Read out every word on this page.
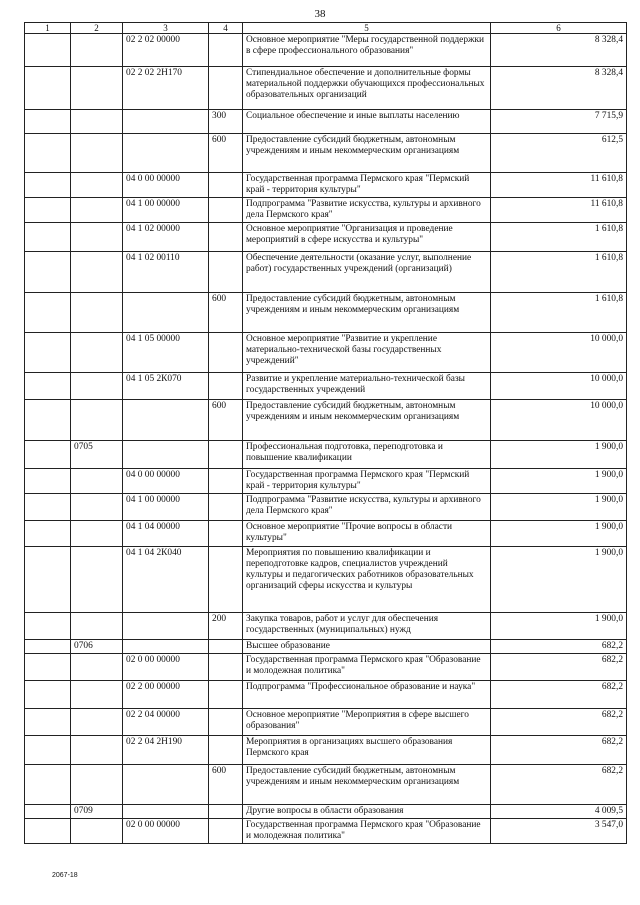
38
1	2	3	4	5	6
		02 2 02 00000		Основное мероприятие "Меры государственной поддержки в сфере профессионального образования"	8 328,4
		02 2 02 2Н170		Стипендиальное обеспечение и дополнительные формы материальной поддержки обучающихся профессиональных образовательных организаций	8 328,4
			300	Социальное обеспечение и иные выплаты населению	7 715,9
			600	Предоставление субсидий бюджетным, автономным учреждениям и иным некоммерческим организациям	612,5
		04 0 00 00000		Государственная программа Пермского края "Пермский край - территория культуры"	11 610,8
		04 1 00 00000		Подпрограмма "Развитие искусства, культуры и архивного дела Пермского края"	11 610,8
		04 1 02 00000		Основное мероприятие "Организация и проведение мероприятий в сфере искусства и культуры"	1 610,8
		04 1 02 00110		Обеспечение деятельности (оказание услуг, выполнение работ) государственных учреждений (организаций)	1 610,8
			600	Предоставление субсидий бюджетным, автономным учреждениям и иным некоммерческим организациям	1 610,8
		04 1 05 00000		Основное мероприятие "Развитие и укрепление материально-технической базы государственных учреждений"	10 000,0
		04 1 05 2К070		Развитие и укрепление материально-технической базы государственных учреждений	10 000,0
			600	Предоставление субсидий бюджетным, автономным учреждениям и иным некоммерческим организациям	10 000,0
	0705			Профессиональная подготовка, переподготовка и повышение квалификации	1 900,0
		04 0 00 00000		Государственная программа Пермского края "Пермский край - территория культуры"	1 900,0
		04 1 00 00000		Подпрограмма "Развитие искусства, культуры и архивного дела Пермского края"	1 900,0
		04 1 04 00000		Основное мероприятие "Прочие вопросы в области культуры"	1 900,0
		04 1 04 2К040		Мероприятия по повышению квалификации и переподготовке кадров, специалистов учреждений культуры и педагогических работников образовательных организаций сферы искусства и культуры	1 900,0
			200	Закупка товаров, работ и услуг для обеспечения государственных (муниципальных) нужд	1 900,0
	0706			Высшее образование	682,2
		02 0 00 00000		Государственная программа Пермского края "Образование и молодежная политика"	682,2
		02 2 00 00000		Подпрограмма "Профессиональное образование и наука"	682,2
		02 2 04 00000		Основное мероприятие "Мероприятия в сфере высшего образования"	682,2
		02 2 04 2Н190		Мероприятия в организациях высшего образования Пермского края	682,2
			600	Предоставление субсидий бюджетным, автономным учреждениям и иным некоммерческим организациям	682,2
	0709			Другие вопросы в области образования	4 009,5
		02 0 00 00000		Государственная программа Пермского края "Образование и молодежная политика"	3 547,0
2067-18
